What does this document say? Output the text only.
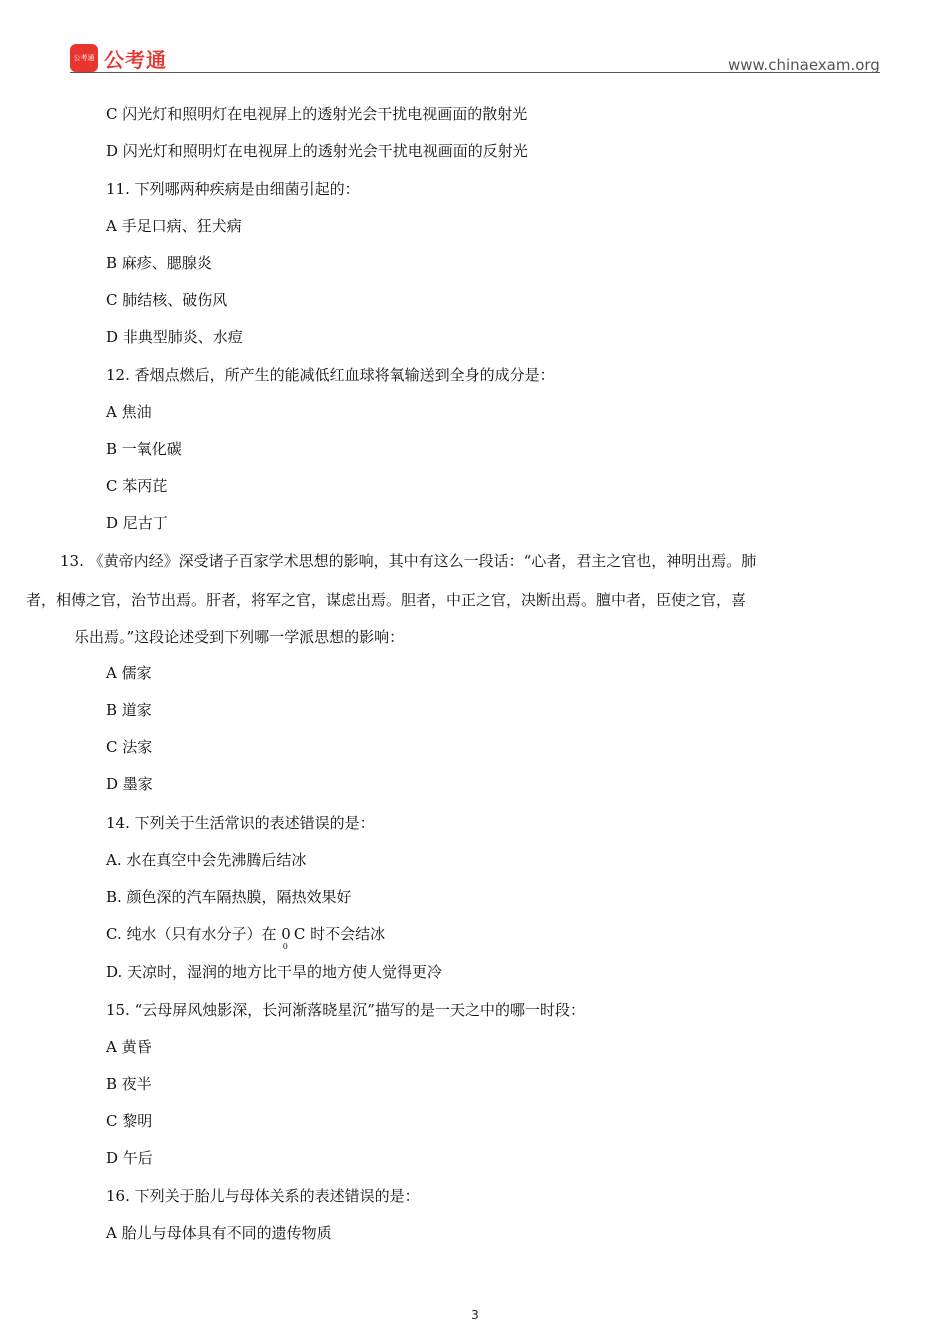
公考通 公考通	www.chinaexam.org
C 闪光灯和照明灯在电视屏上的透射光会干扰电视画面的散射光
D 闪光灯和照明灯在电视屏上的透射光会干扰电视画面的反射光
11. 下列哪两种疾病是由细菌引起的：
A 手足口病、狂犬病
B 麻疹、腮腺炎
C 肺结核、破伤风
D 非典型肺炎、水痘
12. 香烟点燃后，所产生的能减低红血球将氧输送到全身的成分是：
A 焦油
B 一氧化碳
C 苯丙芘
D 尼古丁
13. 《黄帝内经》深受诸子百家学术思想的影响，其中有这么一段话：“心者，君主之官也，神明出焉。肺
者，相傅之官，治节出焉。肝者，将军之官，谋虑出焉。胆者，中正之官，决断出焉。膻中者，臣使之官，喜
乐出焉。”这段论述受到下列哪一学派思想的影响：
A 儒家
B 道家
C 法家
D 墨家
14. 下列关于生活常识的表述错误的是：
A. 水在真空中会先沸腾后结冰
B. 颜色深的汽车隔热膜，隔热效果好
C. 纯水（只有水分子）在 $0_0C$ 时不会结冰
D. 天凉时，湿润的地方比干旱的地方使人觉得更冷
15. “云母屏风烛影深，长河渐落晓星沉”描写的是一天之中的哪一时段：
A 黄昏
B 夜半
C 黎明
D 午后
16. 下列关于胎儿与母体关系的表述错误的是：
A 胎儿与母体具有不同的遗传物质
3
